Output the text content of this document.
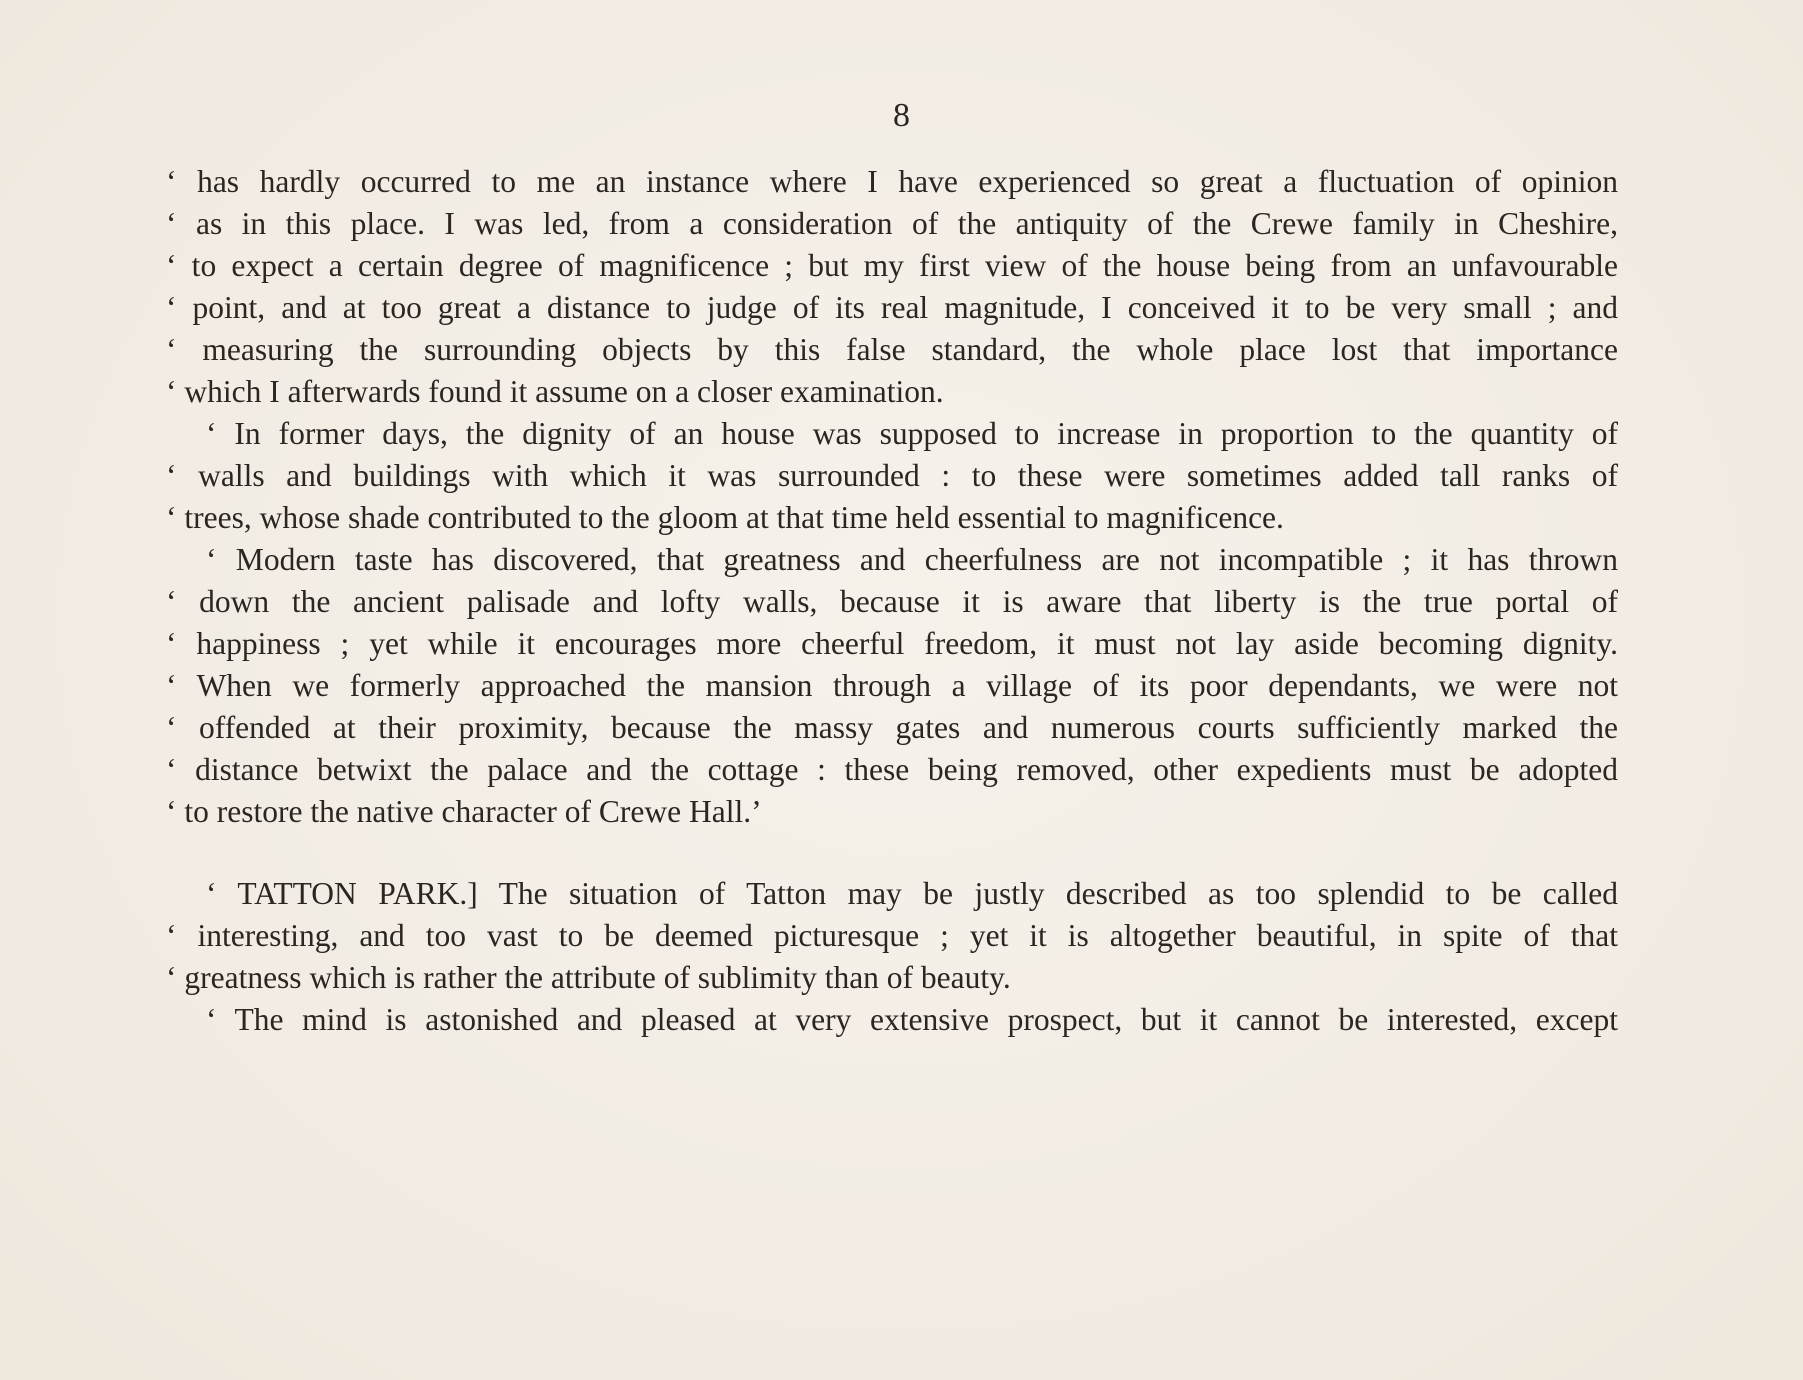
8
‘ has hardly occurred to me an instance where I have experienced so great a fluctuation of opinion
‘ as in this place. I was led, from a consideration of the antiquity of the Crewe family in Cheshire,
‘ to expect a certain degree of magnificence ; but my first view of the house being from an unfavourable
‘ point, and at too great a distance to judge of its real magnitude, I conceived it to be very small ; and
‘ measuring the surrounding objects by this false standard, the whole place lost that importance
‘ which I afterwards found it assume on a closer examination.
‘ In former days, the dignity of an house was supposed to increase in proportion to the quantity of
‘ walls and buildings with which it was surrounded : to these were sometimes added tall ranks of
‘ trees, whose shade contributed to the gloom at that time held essential to magnificence.
‘ Modern taste has discovered, that greatness and cheerfulness are not incompatible ; it has thrown
‘ down the ancient palisade and lofty walls, because it is aware that liberty is the true portal of
‘ happiness ; yet while it encourages more cheerful freedom, it must not lay aside becoming dignity.
‘ When we formerly approached the mansion through a village of its poor dependants, we were not
‘ offended at their proximity, because the massy gates and numerous courts sufficiently marked the
‘ distance betwixt the palace and the cottage : these being removed, other expedients must be adopted
‘ to restore the native character of Crewe Hall.’
‘ TATTON PARK.] The situation of Tatton may be justly described as too splendid to be called
‘ interesting, and too vast to be deemed picturesque ; yet it is altogether beautiful, in spite of that
‘ greatness which is rather the attribute of sublimity than of beauty.
‘ The mind is astonished and pleased at very extensive prospect, but it cannot be interested, except
